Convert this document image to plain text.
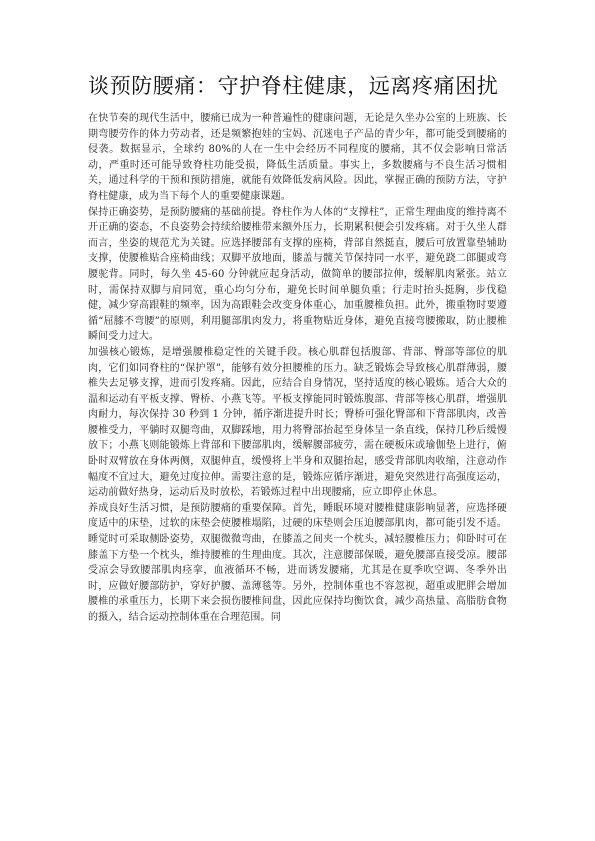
谈预防腰痛：守护脊柱健康，远离疼痛困扰

在快节奏的现代生活中，腰痛已成为一种普遍性的健康问题，无论是久坐办公室的上班族、长期弯腰劳作的体力劳动者，还是频繁抱娃的宝妈、沉迷电子产品的青少年，都可能受到腰痛的侵袭。数据显示，全球约 80%的人在一生中会经历不同程度的腰痛，其不仅会影响日常活动，严重时还可能导致脊柱功能受损，降低生活质量。事实上，多数腰痛与不良生活习惯相关，通过科学的干预和预防措施，就能有效降低发病风险。因此，掌握正确的预防方法，守护脊柱健康，成为当下每个人的重要健康课题。

保持正确姿势，是预防腰痛的基础前提。脊柱作为人体的“支撑柱”，正常生理曲度的维持离不开正确的姿态，不良姿势会持续给腰椎带来额外压力，长期累积便会引发疼痛。对于久坐人群而言，坐姿的规范尤为关键。应选择腰部有支撑的座椅，背部自然挺直，腰后可放置靠垫辅助支撑，使腰椎贴合座椅曲线；双脚平放地面，膝盖与髋关节保持同一水平，避免跷二郎腿或弯腰驼背。同时，每久坐 45-60 分钟就应起身活动，做简单的腰部拉伸，缓解肌肉紧张。站立时，需保持双脚与肩同宽，重心均匀分布，避免长时间单腿负重；行走时抬头挺胸，步伐稳健，减少穿高跟鞋的频率，因为高跟鞋会改变身体重心，加重腰椎负担。此外，搬重物时要遵循“屈膝不弯腰”的原则，利用腿部肌肉发力，将重物贴近身体，避免直接弯腰搬取，防止腰椎瞬间受力过大。

加强核心锻炼，是增强腰椎稳定性的关键手段。核心肌群包括腹部、背部、臀部等部位的肌肉，它们如同脊柱的“保护罩”，能够有效分担腰椎的压力。缺乏锻炼会导致核心肌群薄弱，腰椎失去足够支撑，进而引发疼痛。因此，应结合自身情况，坚持适度的核心锻炼。适合大众的温和运动有平板支撑、臀桥、小燕飞等。平板支撑能同时锻炼腹部、背部等核心肌群，增强肌肉耐力，每次保持 30 秒到 1 分钟，循序渐进提升时长；臀桥可强化臀部和下背部肌肉，改善腰椎受力，平躺时双腿弯曲，双脚踩地，用力将臀部抬起至身体呈一条直线，保持几秒后缓慢放下；小燕飞则能锻炼上背部和下腰部肌肉，缓解腰部疲劳，需在硬板床或瑜伽垫上进行，俯卧时双臂放在身体两侧，双腿伸直，缓慢将上半身和双腿抬起，感受背部肌肉收缩，注意动作幅度不宜过大，避免过度拉伸。需要注意的是，锻炼应循序渐进，避免突然进行高强度运动，运动前做好热身，运动后及时放松，若锻炼过程中出现腰痛，应立即停止休息。

养成良好生活习惯，是预防腰痛的重要保障。首先，睡眠环境对腰椎健康影响显著，应选择硬度适中的床垫，过软的床垫会使腰椎塌陷，过硬的床垫则会压迫腰部肌肉，都可能引发不适。睡觉时可采取侧卧姿势，双腿微微弯曲，在膝盖之间夹一个枕头，减轻腰椎压力；仰卧时可在膝盖下方垫一个枕头，维持腰椎的生理曲度。其次，注意腰部保暖，避免腰部直接受凉。腰部受凉会导致腰部肌肉痉挛，血液循环不畅，进而诱发腰痛，尤其是在夏季吹空调、冬季外出时，应做好腰部防护，穿好护腰、盖薄毯等。另外，控制体重也不容忽视，超重或肥胖会增加腰椎的承重压力，长期下来会损伤腰椎间盘，因此应保持均衡饮食，减少高热量、高脂肪食物的摄入，结合运动控制体重在合理范围。同
